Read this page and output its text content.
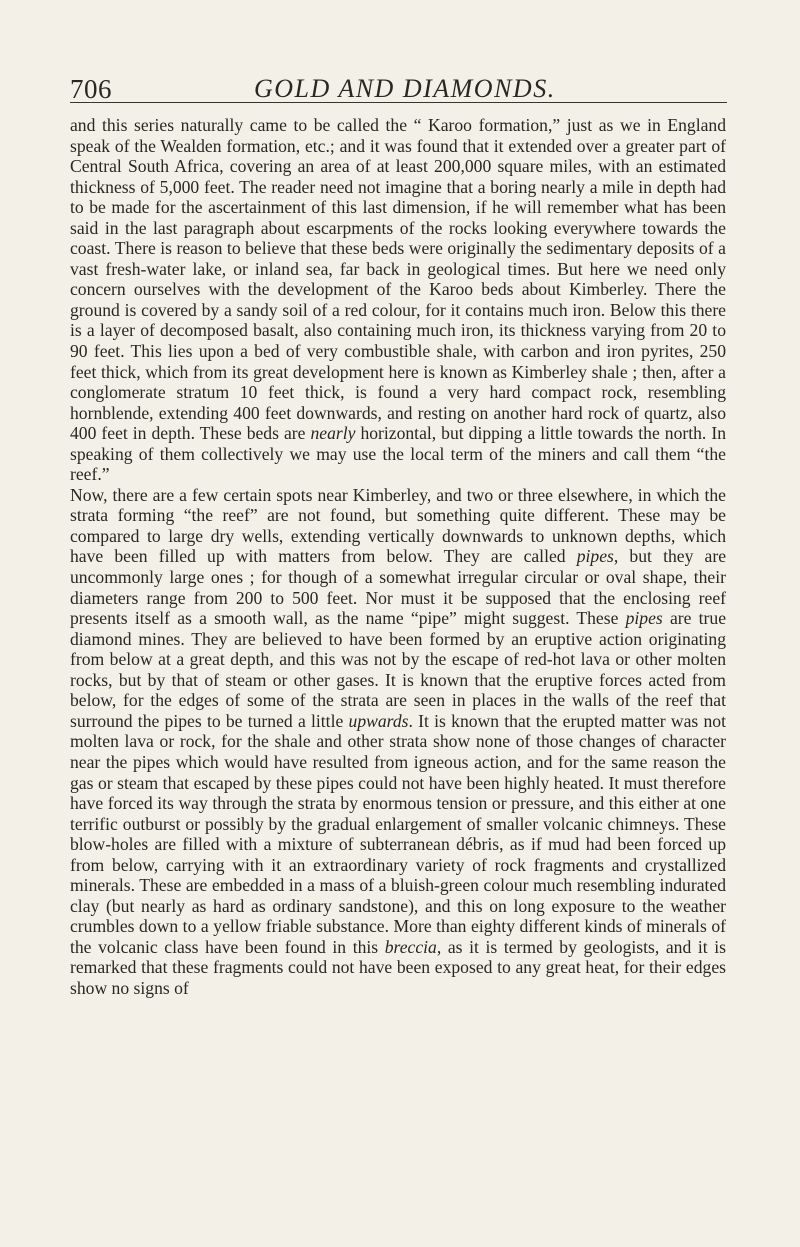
706	GOLD AND DIAMONDS.

and this series naturally came to be called the “ Karoo formation,” just as we in England speak of the Wealden formation, etc.; and it was found that it extended over a greater part of Central South Africa, covering an area of at least 200,000 square miles, with an estimated thickness of 5,000 feet. The reader need not imagine that a boring nearly a mile in depth had to be made for the ascertainment of this last dimension, if he will remember what has been said in the last paragraph about escarpments of the rocks looking everywhere towards the coast. There is reason to believe that these beds were originally the sedimentary deposits of a vast fresh-water lake, or inland sea, far back in geological times. But here we need only concern ourselves with the development of the Karoo beds about Kimberley. There the ground is covered by a sandy soil of a red colour, for it contains much iron. Below this there is a layer of decomposed basalt, also containing much iron, its thickness varying from 20 to 90 feet. This lies upon a bed of very combustible shale, with carbon and iron pyrites, 250 feet thick, which from its great development here is known as Kimberley shale ; then, after a conglomerate stratum 10 feet thick, is found a very hard compact rock, resembling hornblende, extending 400 feet downwards, and resting on another hard rock of quartz, also 400 feet in depth. These beds are nearly horizontal, but dipping a little towards the north. In speaking of them collectively we may use the local term of the miners and call them “the reef.”

Now, there are a few certain spots near Kimberley, and two or three elsewhere, in which the strata forming “the reef” are not found, but something quite different. These may be compared to large dry wells, extending vertically downwards to unknown depths, which have been filled up with matters from below. They are called pipes, but they are uncommonly large ones ; for though of a somewhat irregular circular or oval shape, their diameters range from 200 to 500 feet. Nor must it be supposed that the enclosing reef presents itself as a smooth wall, as the name “pipe” might suggest. These pipes are true diamond mines. They are believed to have been formed by an eruptive action originating from below at a great depth, and this was not by the escape of red-hot lava or other molten rocks, but by that of steam or other gases. It is known that the eruptive forces acted from below, for the edges of some of the strata are seen in places in the walls of the reef that surround the pipes to be turned a little upwards. It is known that the erupted matter was not molten lava or rock, for the shale and other strata show none of those changes of character near the pipes which would have resulted from igneous action, and for the same reason the gas or steam that escaped by these pipes could not have been highly heated. It must therefore have forced its way through the strata by enormous tension or pressure, and this either at one terrific outburst or possibly by the gradual enlargement of smaller volcanic chimneys. These blow-holes are filled with a mixture of subterranean débris, as if mud had been forced up from below, carrying with it an extraordinary variety of rock fragments and crystallized minerals. These are embedded in a mass of a bluish-green colour much resembling indurated clay (but nearly as hard as ordinary sandstone), and this on long exposure to the weather crumbles down to a yellow friable substance. More than eighty different kinds of minerals of the volcanic class have been found in this breccia, as it is termed by geologists, and it is remarked that these fragments could not have been exposed to any great heat, for their edges show no signs of
